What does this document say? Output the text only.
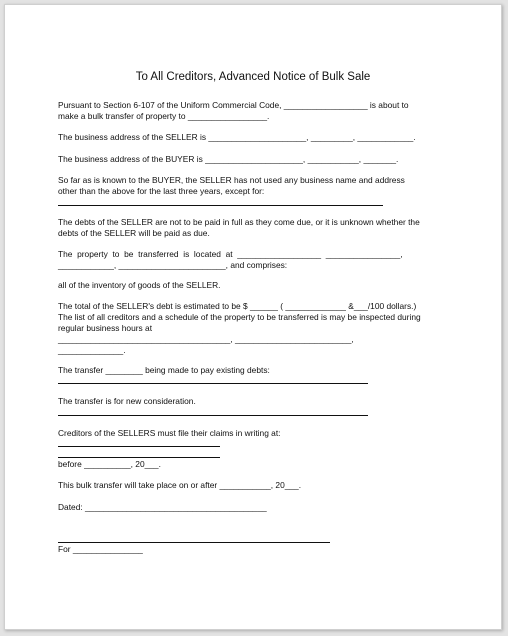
To All Creditors, Advanced Notice of Bulk Sale
Pursuant to Section 6-107 of the Uniform Commercial Code, __________________ is about to
make a bulk transfer of property to _________________.
The business address of the SELLER is _____________________, _________, ____________.
The business address of the BUYER is _____________________, ___________, _______.
So far as is known to the BUYER, the SELLER has not used any business name and address
other than the above for the last three years, except for:
The debts of the SELLER are not to be paid in full as they come due, or it is unknown whether the
debts of the SELLER will be paid as due.
The  property  to  be  transferred  is  located  at  __________________  ________________,
____________, _______________________, and comprises:
all of the inventory of goods of the SELLER.
The total of the SELLER's debt is estimated to be $ ______ ( _____________ &___/100 dollars.)
The list of all creditors and a schedule of the property to be transferred is may be inspected during
regular business hours at
_____________________________________, _________________________,
______________.
The transfer ________ being made to pay existing debts:
The transfer is for new consideration.
Creditors of the SELLERS must file their claims in writing at:
before __________, 20___.
This bulk transfer will take place on or after ___________, 20___.
Dated: _______________________________________
For _______________
